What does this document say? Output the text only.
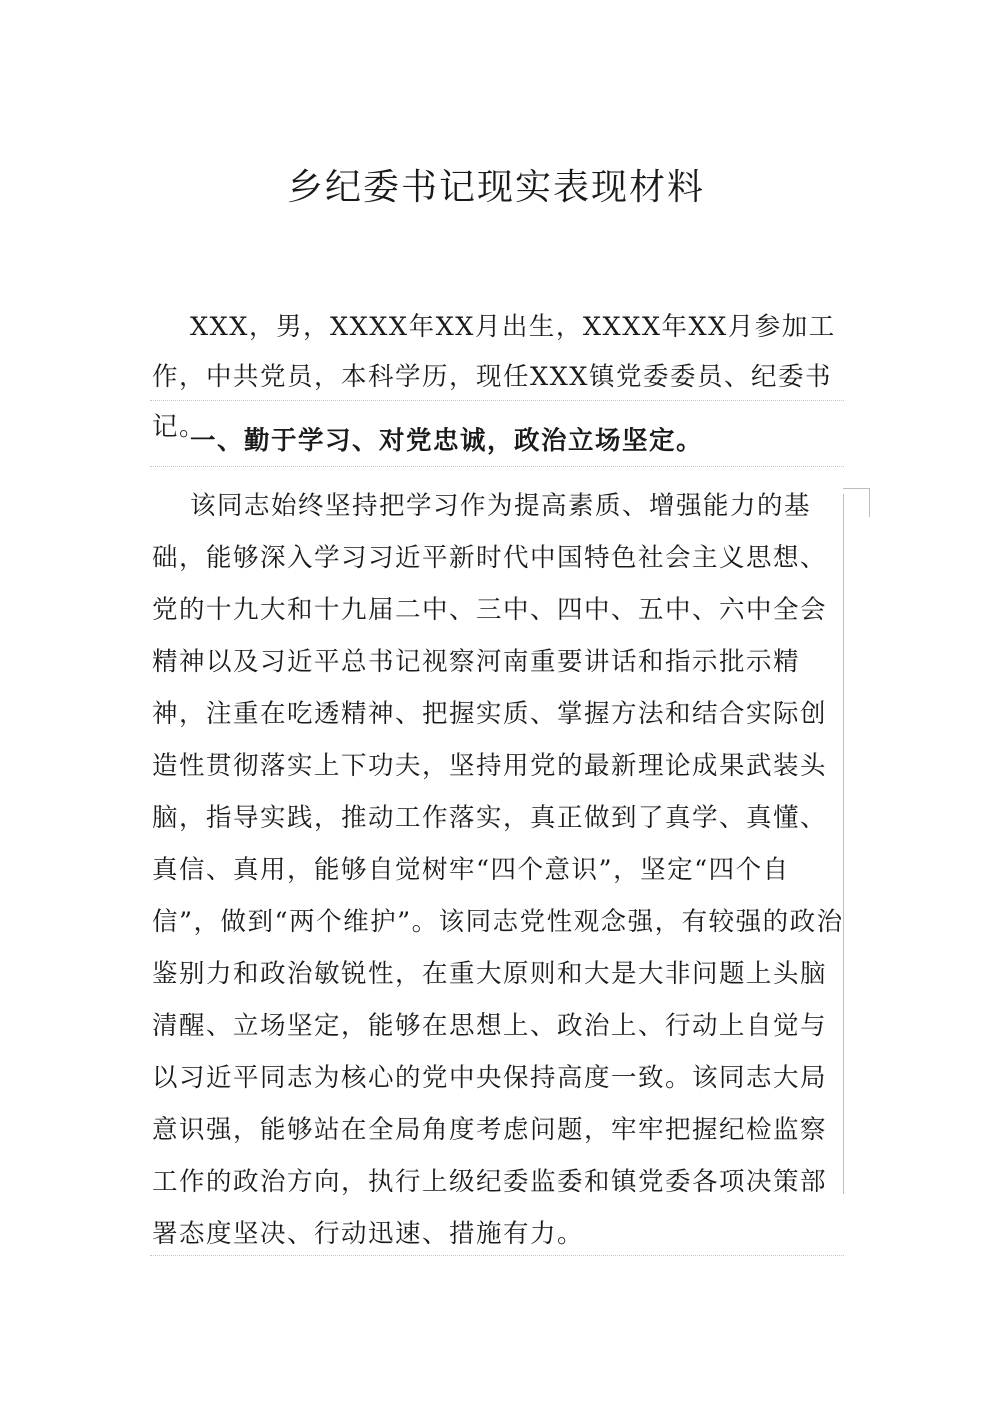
乡纪委书记现实表现材料
XXX，男，XXXX年XX月出生，XXXX年XX月参加工作，中共党员，本科学历，现任XXX镇党委委员、纪委书记。
一、勤于学习、对党忠诚，政治立场坚定。
该同志始终坚持把学习作为提高素质、增强能力的基础，能够深入学习习近平新时代中国特色社会主义思想、党的十九大和十九届二中、三中、四中、五中、六中全会精神以及习近平总书记视察河南重要讲话和指示批示精神，注重在吃透精神、把握实质、掌握方法和结合实际创造性贯彻落实上下功夫，坚持用党的最新理论成果武装头脑，指导实践，推动工作落实，真正做到了真学、真懂、真信、真用，能够自觉树牢“四个意识”，坚定“四个自信”，做到“两个维护”。该同志党性观念强，有较强的政治鉴别力和政治敏锐性，在重大原则和大是大非问题上头脑清醒、立场坚定，能够在思想上、政治上、行动上自觉与以习近平同志为核心的党中央保持高度一致。该同志大局意识强，能够站在全局角度考虑问题，牢牢把握纪检监察工作的政治方向，执行上级纪委监委和镇党委各项决策部署态度坚决、行动迅速、措施有力。
